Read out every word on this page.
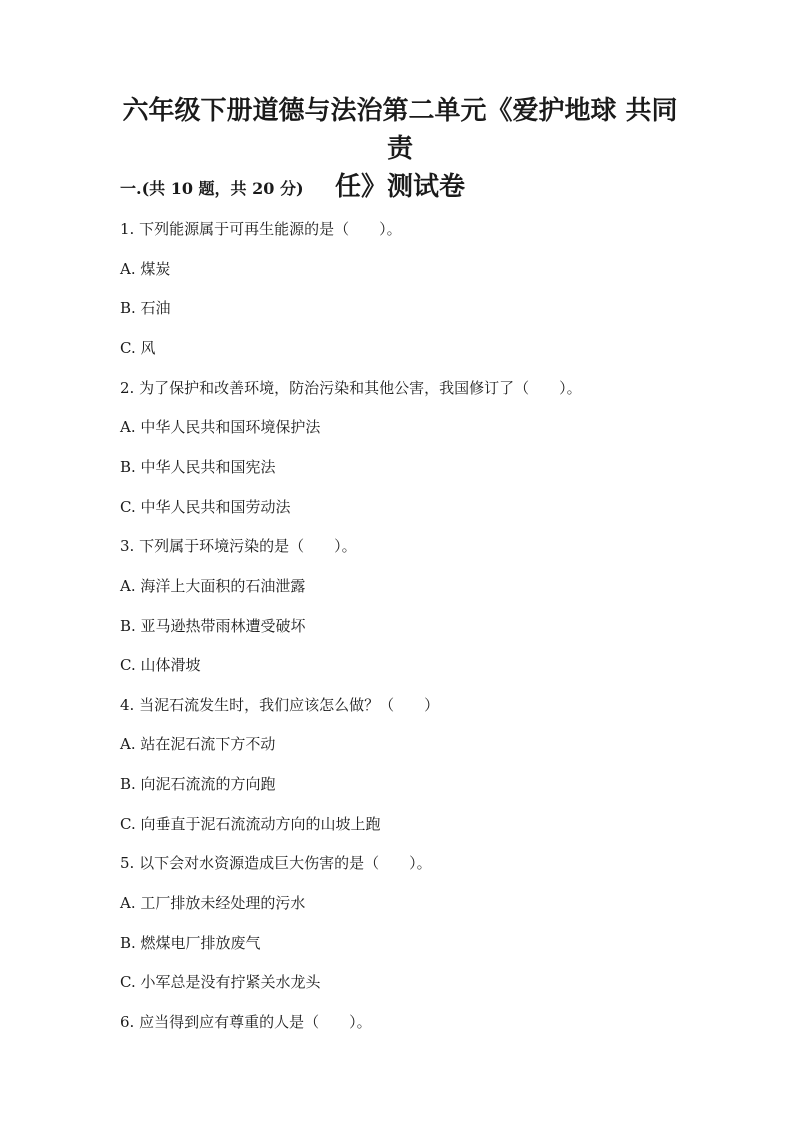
六年级下册道德与法治第二单元《爱护地球 共同责
任》测试卷
一.(共 10 题，共 20 分)
1. 下列能源属于可再生能源的是（　　）。
A. 煤炭
B. 石油
C. 风
2. 为了保护和改善环境，防治污染和其他公害，我国修订了（　　）。
A. 中华人民共和国环境保护法
B. 中华人民共和国宪法
C. 中华人民共和国劳动法
3. 下列属于环境污染的是（　　）。
A. 海洋上大面积的石油泄露
B. 亚马逊热带雨林遭受破坏
C. 山体滑坡
4. 当泥石流发生时，我们应该怎么做？（　　）
A. 站在泥石流下方不动
B. 向泥石流流的方向跑
C. 向垂直于泥石流流动方向的山坡上跑
5. 以下会对水资源造成巨大伤害的是（　　）。
A. 工厂排放未经处理的污水
B. 燃煤电厂排放废气
C. 小军总是没有拧紧关水龙头
6. 应当得到应有尊重的人是（　　）。
